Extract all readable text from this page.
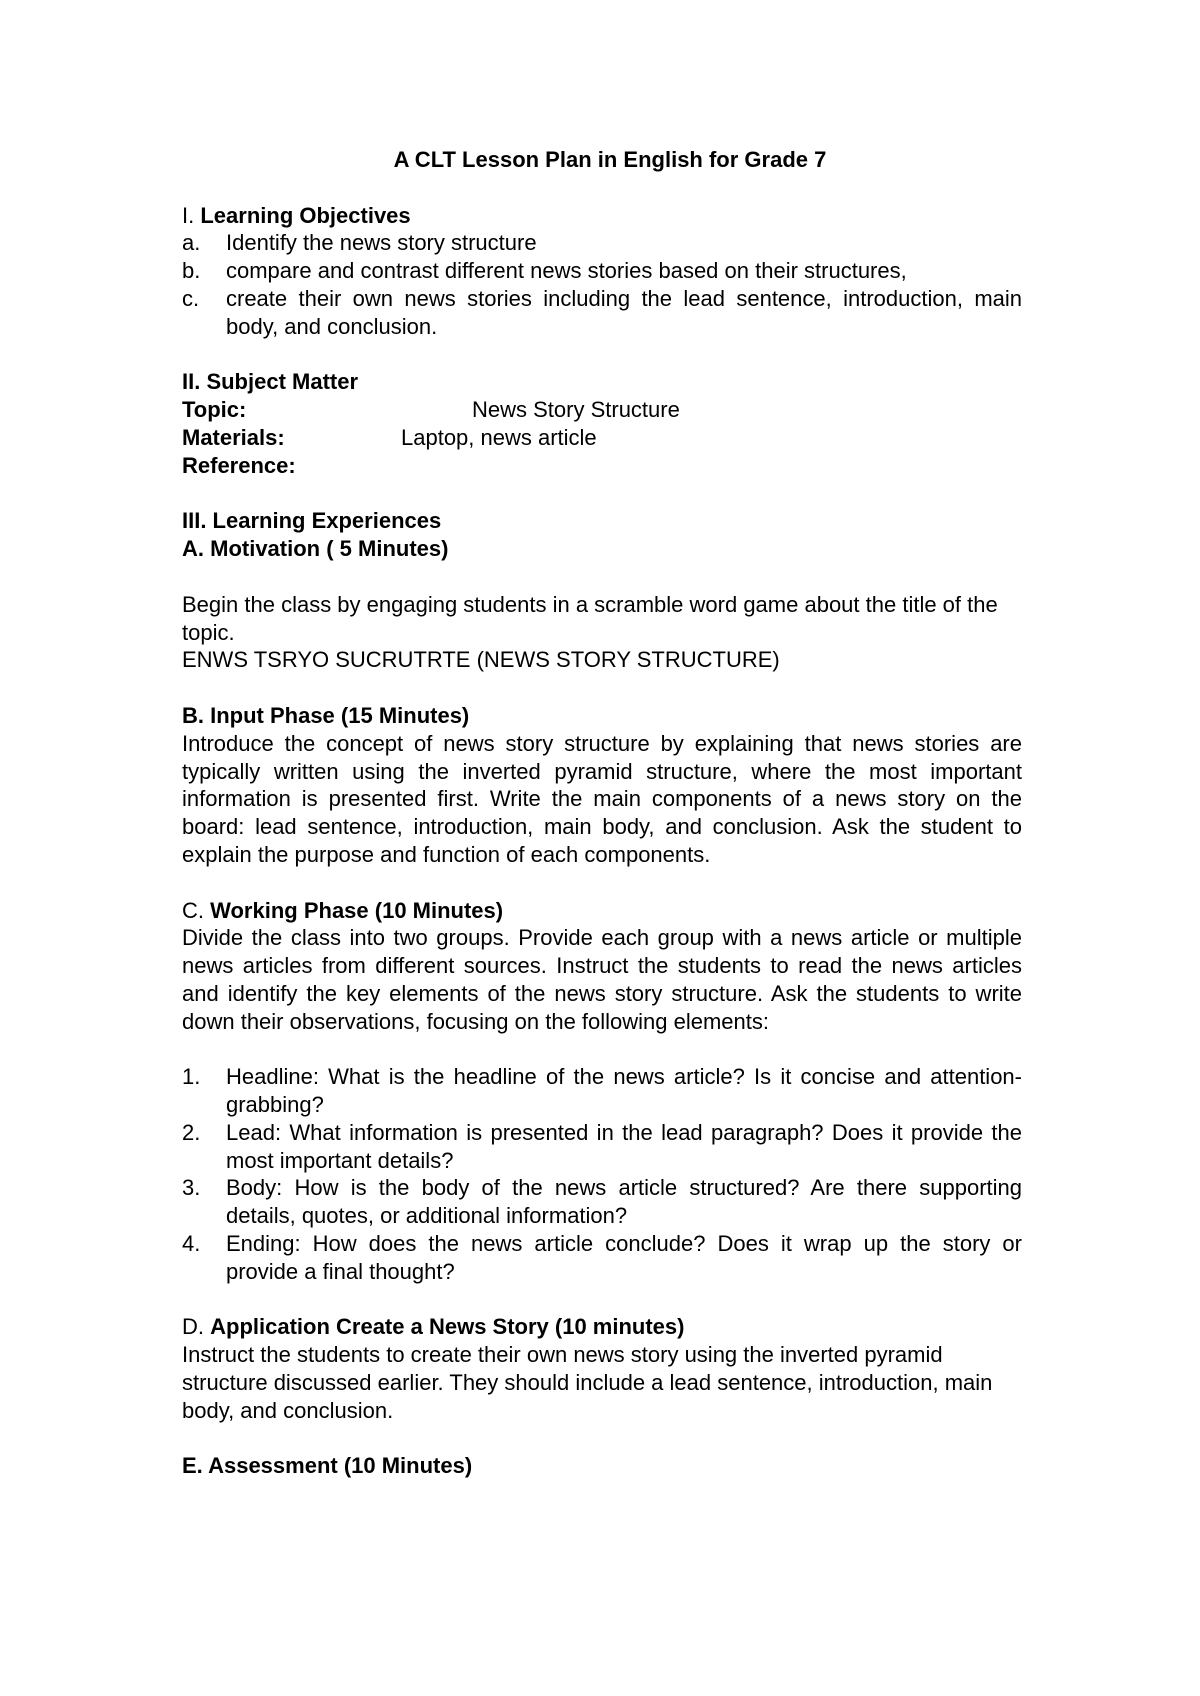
A CLT Lesson Plan in English for Grade 7

I. Learning Objectives

a. Identify the news story structure
b. compare and contrast different news stories based on their structures,
c. create their own news stories including the lead sentence, introduction, main body, and conclusion.

II. Subject Matter

Topic:	News Story Structure
Materials:	Laptop, news article
Reference:

III. Learning Experiences

A. Motivation ( 5 Minutes)

Begin the class by engaging students in a scramble word game about the title of the topic.

ENWS TSRYO SUCRUTRTE (NEWS STORY STRUCTURE)

B. Input Phase (15 Minutes)

Introduce the concept of news story structure by explaining that news stories are typically written using the inverted pyramid structure, where the most important information is presented first. Write the main components of a news story on the board: lead sentence, introduction, main body, and conclusion. Ask the student to explain the purpose and function of each components.

C. Working Phase (10 Minutes)

Divide the class into two groups. Provide each group with a news article or multiple news articles from different sources. Instruct the students to read the news articles and identify the key elements of the news story structure. Ask the students to write down their observations, focusing on the following elements:

1. Headline: What is the headline of the news article? Is it concise and attention-grabbing?
2. Lead: What information is presented in the lead paragraph? Does it provide the most important details?
3. Body: How is the body of the news article structured? Are there supporting details, quotes, or additional information?
4. Ending: How does the news article conclude? Does it wrap up the story or provide a final thought?

D. Application Create a News Story (10 minutes)

Instruct the students to create their own news story using the inverted pyramid structure discussed earlier. They should include a lead sentence, introduction, main body, and conclusion.

E. Assessment (10 Minutes)
